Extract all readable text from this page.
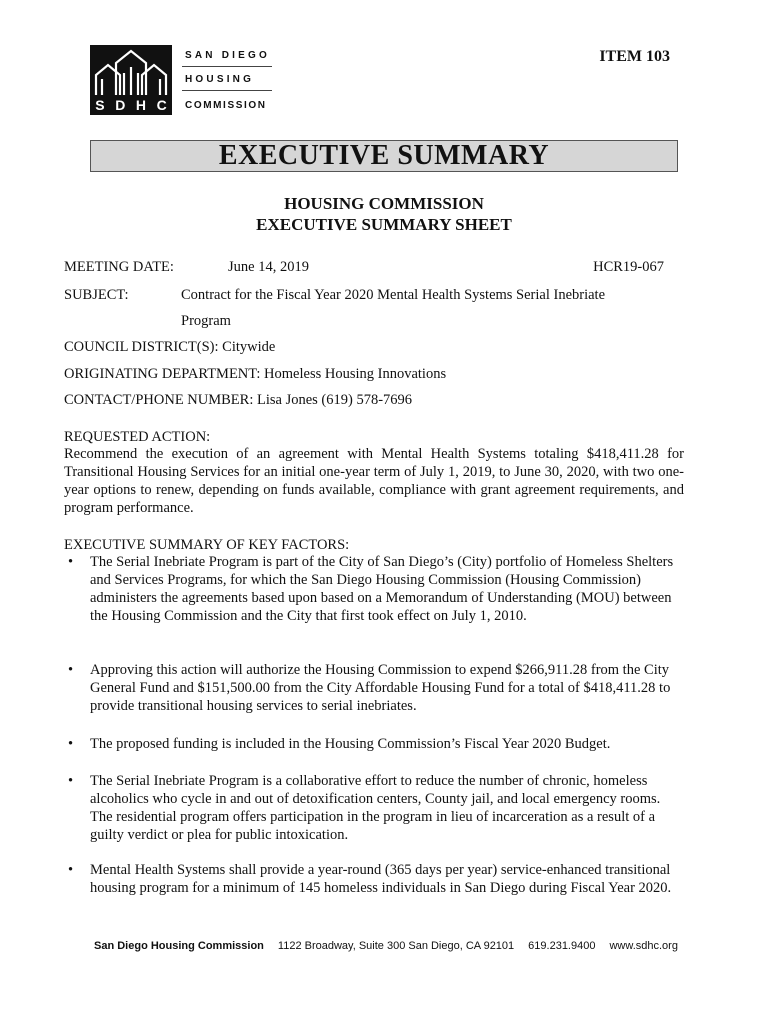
S D H C
SAN DIEGO
HOUSING
COMMISSION
ITEM 103
EXECUTIVE SUMMARY
HOUSING COMMISSION
EXECUTIVE SUMMARY SHEET
MEETING DATE:	June 14, 2019	HCR19-067
SUBJECT:	Contract for the Fiscal Year 2020 Mental Health Systems Serial Inebriate
Program
COUNCIL DISTRICT(S): Citywide
ORIGINATING DEPARTMENT: Homeless Housing Innovations
CONTACT/PHONE NUMBER: Lisa Jones (619) 578-7696
REQUESTED ACTION:
Recommend the execution of an agreement with Mental Health Systems totaling $418,411.28 for Transitional Housing Services for an initial one-year term of July 1, 2019, to June 30, 2020, with two one-year options to renew, depending on funds available, compliance with grant agreement requirements, and program performance.
EXECUTIVE SUMMARY OF KEY FACTORS:
•	The Serial Inebriate Program is part of the City of San Diego’s (City) portfolio of Homeless Shelters and Services Programs, for which the San Diego Housing Commission (Housing Commission) administers the agreements based upon based on a Memorandum of Understanding (MOU) between the Housing Commission and the City that first took effect on July 1, 2010.
•	Approving this action will authorize the Housing Commission to expend $266,911.28 from the City General Fund and $151,500.00 from the City Affordable Housing Fund for a total of $418,411.28 to provide transitional housing services to serial inebriates.
•	The proposed funding is included in the Housing Commission’s Fiscal Year 2020 Budget.
•	The Serial Inebriate Program is a collaborative effort to reduce the number of chronic, homeless alcoholics who cycle in and out of detoxification centers, County jail, and local emergency rooms. The residential program offers participation in the program in lieu of incarceration as a result of a guilty verdict or plea for public intoxication.
•	Mental Health Systems shall provide a year-round (365 days per year) service-enhanced transitional housing program for a minimum of 145 homeless individuals in San Diego during Fiscal Year 2020.
San Diego Housing Commission 1122 Broadway, Suite 300 San Diego, CA 92101 619.231.9400 www.sdhc.org
